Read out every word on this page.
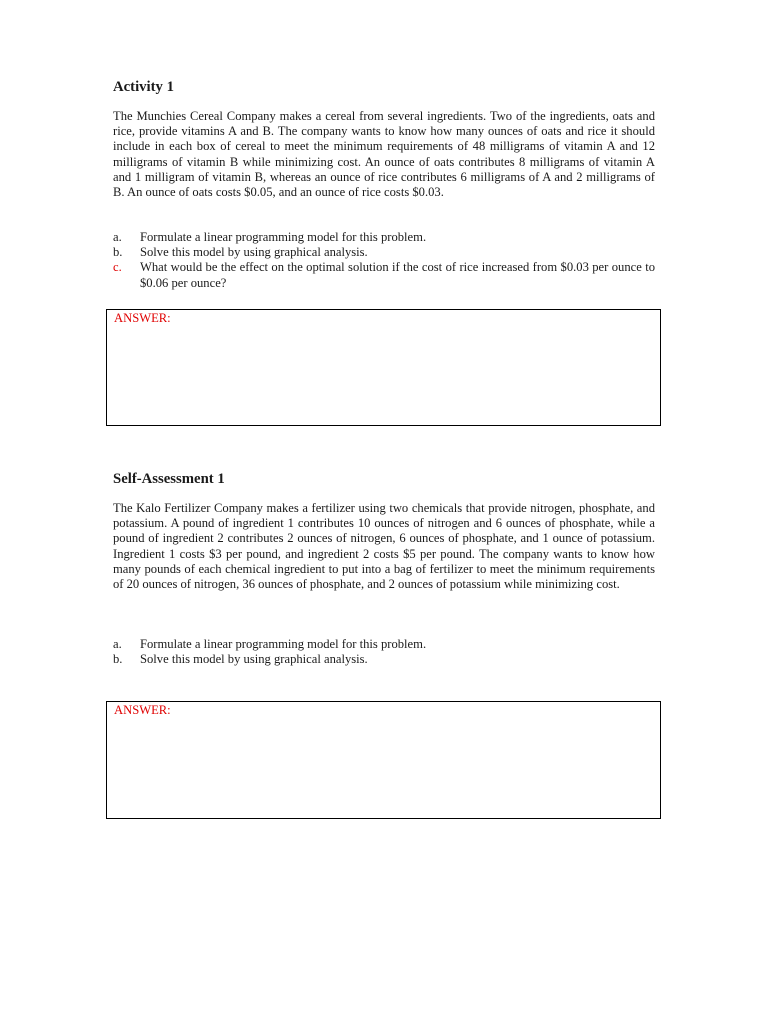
Activity 1

The Munchies Cereal Company makes a cereal from several ingredients. Two of the ingredients, oats and rice, provide vitamins A and B. The company wants to know how many ounces of oats and rice it should include in each box of cereal to meet the minimum requirements of 48 milligrams of vitamin A and 12 milligrams of vitamin B while minimizing cost. An ounce of oats contributes 8 milligrams of vitamin A and 1 milligram of vitamin B, whereas an ounce of rice contributes 6 milligrams of A and 2 milligrams of B. An ounce of oats costs $0.05, and an ounce of rice costs $0.03.

a. Formulate a linear programming model for this problem.
b. Solve this model by using graphical analysis.
c. What would be the effect on the optimal solution if the cost of rice increased from $0.03 per ounce to $0.06 per ounce?
ANSWER:
Self-Assessment 1

The Kalo Fertilizer Company makes a fertilizer using two chemicals that provide nitrogen, phosphate, and potassium. A pound of ingredient 1 contributes 10 ounces of nitrogen and 6 ounces of phosphate, while a pound of ingredient 2 contributes 2 ounces of nitrogen, 6 ounces of phosphate, and 1 ounce of potassium. Ingredient 1 costs $3 per pound, and ingredient 2 costs $5 per pound. The company wants to know how many pounds of each chemical ingredient to put into a bag of fertilizer to meet the minimum requirements of 20 ounces of nitrogen, 36 ounces of phosphate, and 2 ounces of potassium while minimizing cost.

a. Formulate a linear programming model for this problem.
b. Solve this model by using graphical analysis.
ANSWER:
